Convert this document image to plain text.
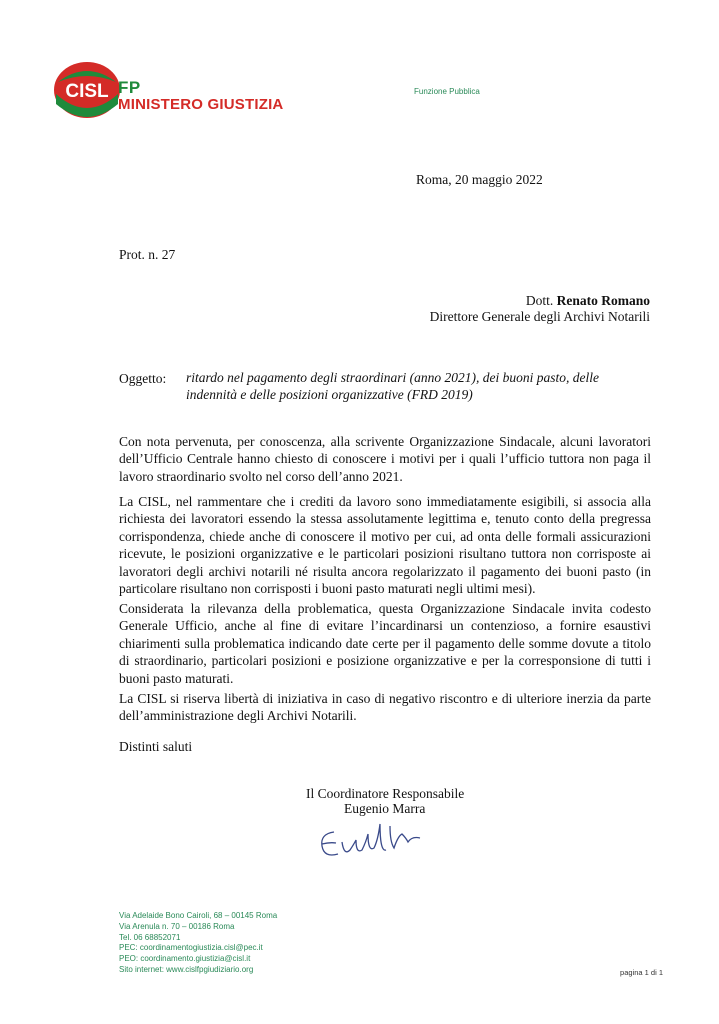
CISL FP
MINISTERO GIUSTIZIA
Funzione Pubblica
Roma, 20 maggio 2022
Prot. n. 27
Dott. Renato Romano
Direttore Generale degli Archivi Notarili
Oggetto: ritardo nel pagamento degli straordinari (anno 2021), dei buoni pasto, delle indennità e delle posizioni organizzative (FRD 2019)
Con nota pervenuta, per conoscenza, alla scrivente Organizzazione Sindacale, alcuni lavoratori dell’Ufficio Centrale hanno chiesto di conoscere i motivi per i quali l’ufficio tuttora non paga il lavoro straordinario svolto nel corso dell’anno 2021.
La CISL, nel rammentare che i crediti da lavoro sono immediatamente esigibili, si associa alla richiesta dei lavoratori essendo la stessa assolutamente legittima e, tenuto conto della pregressa corrispondenza, chiede anche di conoscere il motivo per cui, ad onta delle formali assicurazioni ricevute, le posizioni organizzative e le particolari posizioni risultano tuttora non corrisposte ai lavoratori degli archivi notarili né risulta ancora regolarizzato il pagamento dei buoni pasto (in particolare risultano non corrisposti i buoni pasto maturati negli ultimi mesi).
Considerata la rilevanza della problematica, questa Organizzazione Sindacale invita codesto Generale Ufficio, anche al fine di evitare l’incardinarsi un contenzioso, a fornire esaustivi chiarimenti sulla problematica indicando date certe per il pagamento delle somme dovute a titolo di straordinario, particolari posizioni e posizione organizzative e per la corresponsione di tutti i buoni pasto maturati.
La CISL si riserva libertà di iniziativa in caso di negativo riscontro e di ulteriore inerzia da parte dell’amministrazione degli Archivi Notarili.
Distinti saluti
Il Coordinatore Responsabile
Eugenio Marra
Via Adelaide Bono Cairoli, 68 – 00145 Roma
Via Arenula n. 70 – 00186 Roma
Tel. 06 68852071
PEC: coordinamentogiustizia.cisl@pec.it
PEO: coordinamento.giustizia@cisl.it
Sito internet: www.cislfpgiudiziario.org	pagina 1 di 1
